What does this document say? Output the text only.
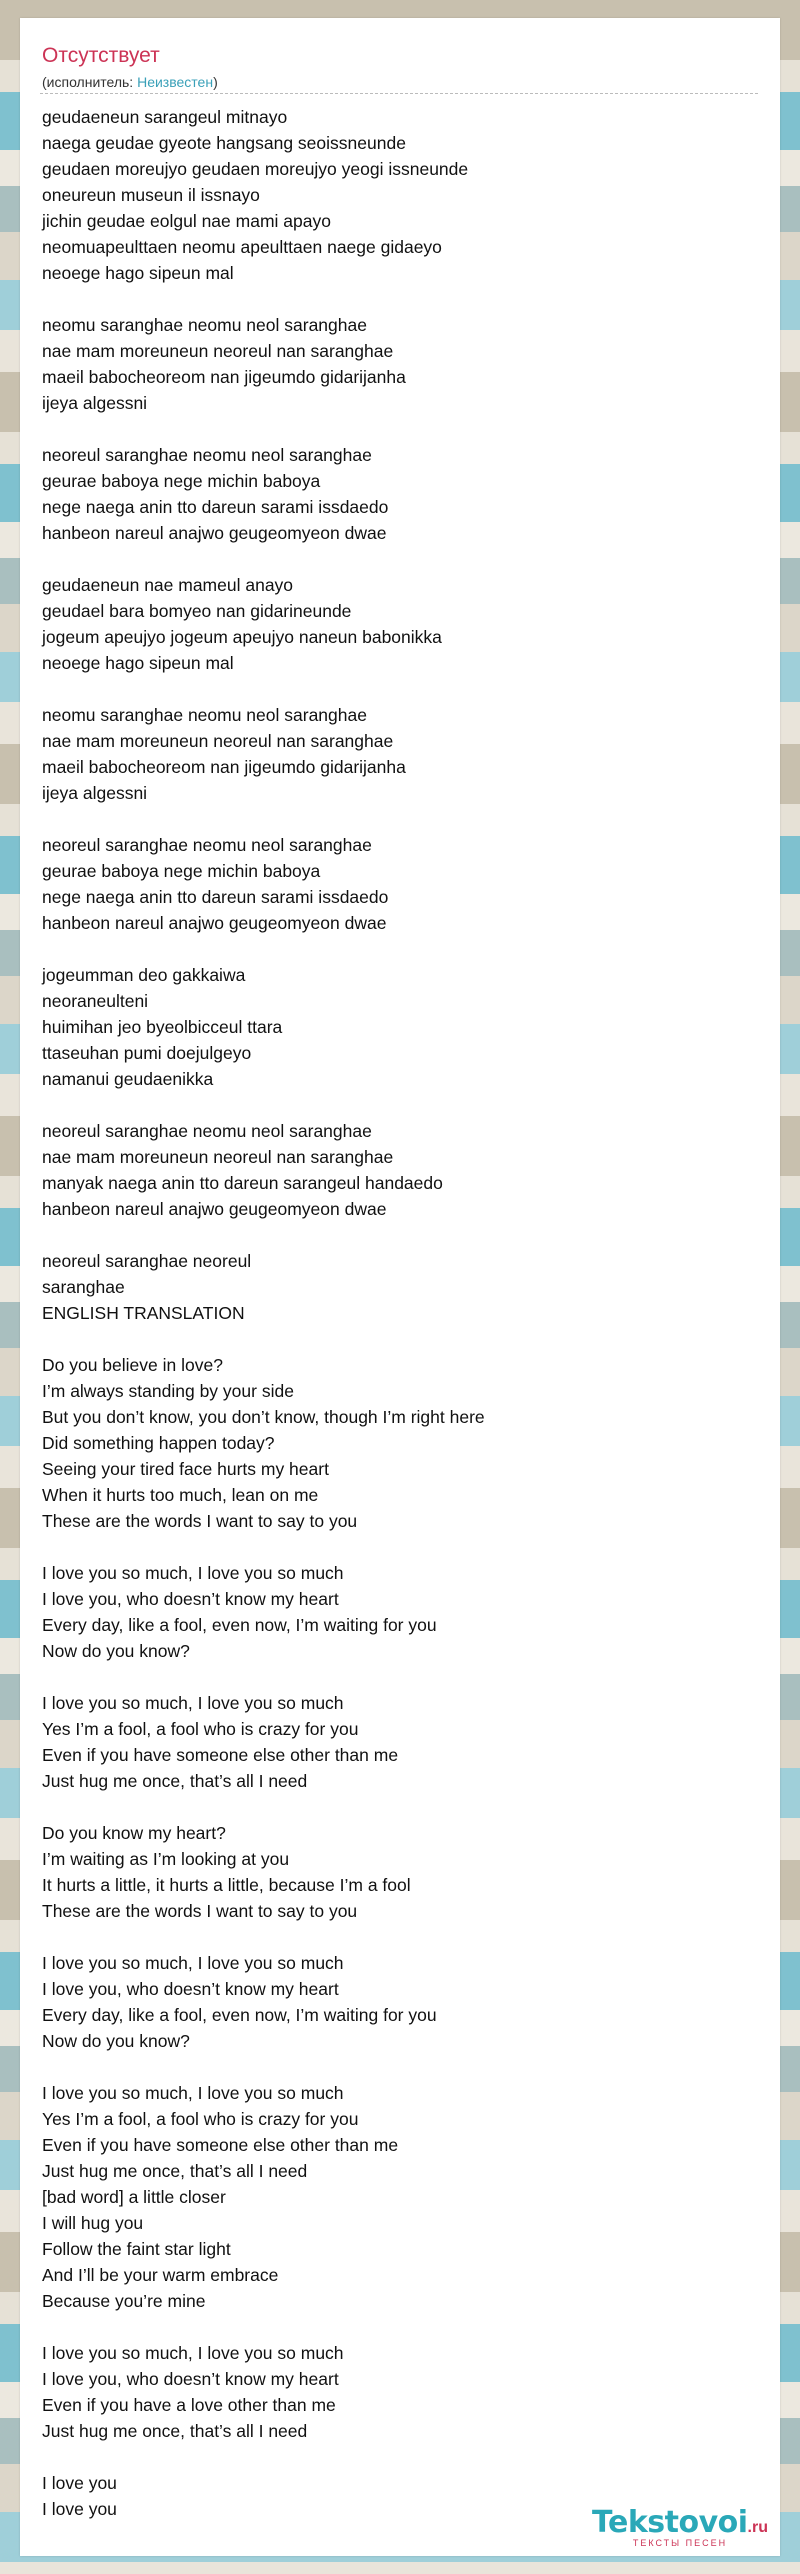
Отсутствует
(исполнитель: Неизвестен)
geudaeneun sarangeul mitnayo
naega geudae gyeote hangsang seoissneunde
geudaen moreujyo geudaen moreujyo yeogi issneunde
oneureun museun il issnayo
jichin geudae eolgul nae mami apayo
neomuapeulttaen neomu apeulttaen naege gidaeyo
neoege hago sipeun mal
neomu saranghae neomu neol saranghae
nae mam moreuneun neoreul nan saranghae
maeil babocheoreom nan jigeumdo gidarijanha
ijeya algessni
neoreul saranghae neomu neol saranghae
geurae baboya nege michin baboya
nege naega anin tto dareun sarami issdaedo
hanbeon nareul anajwo geugeomyeon dwae
geudaeneun nae mameul anayo
geudael bara bomyeo nan gidarineunde
jogeum apeujyo jogeum apeujyo naneun babonikka
neoege hago sipeun mal
neomu saranghae neomu neol saranghae
nae mam moreuneun neoreul nan saranghae
maeil babocheoreom nan jigeumdo gidarijanha
ijeya algessni
neoreul saranghae neomu neol saranghae
geurae baboya nege michin baboya
nege naega anin tto dareun sarami issdaedo
hanbeon nareul anajwo geugeomyeon dwae
jogeumman deo gakkaiwa
neoraneulteni
huimihan jeo byeolbicceul ttara
ttaseuhan pumi doejulgeyo
namanui geudaenikka
neoreul saranghae neomu neol saranghae
nae mam moreuneun neoreul nan saranghae
manyak naega anin tto dareun sarangeul handaedo
hanbeon nareul anajwo geugeomyeon dwae
neoreul saranghae neoreul
saranghae
ENGLISH TRANSLATION
Do you believe in love?
I’m always standing by your side
But you don’t know, you don’t know, though I’m right here
Did something happen today?
Seeing your tired face hurts my heart
When it hurts too much, lean on me
These are the words I want to say to you
I love you so much, I love you so much
I love you, who doesn’t know my heart
Every day, like a fool, even now, I’m waiting for you
Now do you know?
I love you so much, I love you so much
Yes I’m a fool, a fool who is crazy for you
Even if you have someone else other than me
Just hug me once, that’s all I need
Do you know my heart?
I’m waiting as I’m looking at you
It hurts a little, it hurts a little, because I’m a fool
These are the words I want to say to you
I love you so much, I love you so much
I love you, who doesn’t know my heart
Every day, like a fool, even now, I’m waiting for you
Now do you know?
I love you so much, I love you so much
Yes I’m a fool, a fool who is crazy for you
Even if you have someone else other than me
Just hug me once, that’s all I need
[bad word] a little closer
I will hug you
Follow the faint star light
And I’ll be your warm embrace
Because you’re mine
I love you so much, I love you so much
I love you, who doesn’t know my heart
Even if you have a love other than me
Just hug me once, that’s all I need
I love you
I love you	Tekstovoi.ru
ТЕКСТЫ ПЕСЕН
